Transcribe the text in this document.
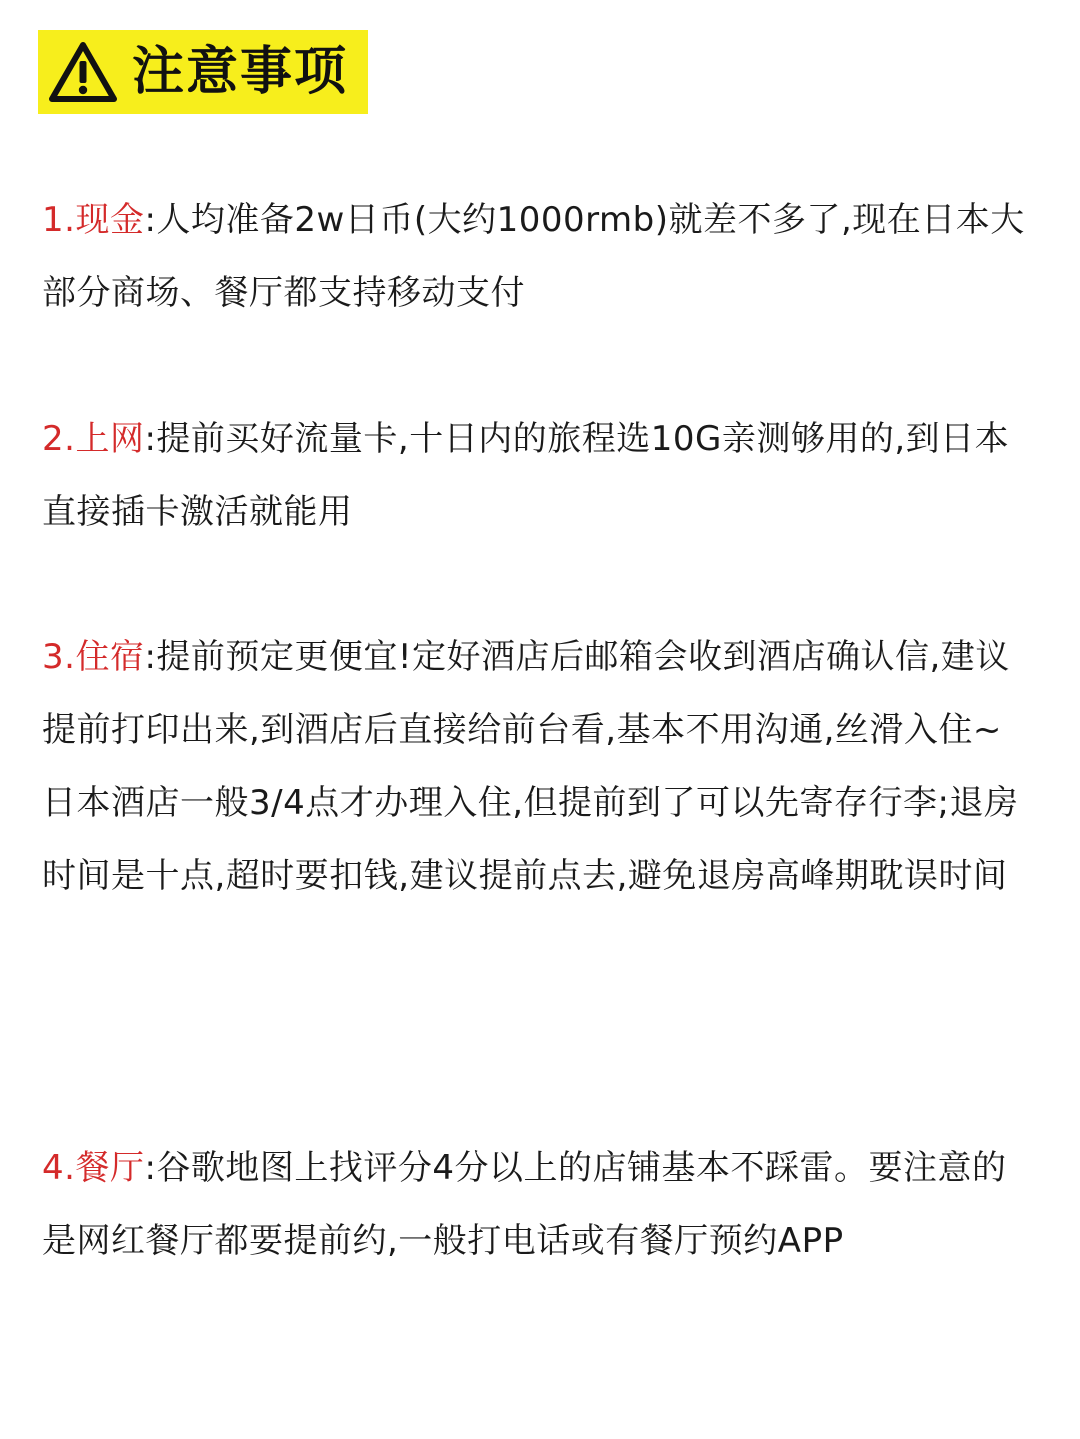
注意事项

1.现金:人均准备2w日币(大约1000rmb)就差不多了,现在日本大部分商场、餐厅都支持移动支付

2.上网:提前买好流量卡,十日内的旅程选10G亲测够用的,到日本直接插卡激活就能用

3.住宿:提前预定更便宜!定好酒店后邮箱会收到酒店确认信,建议提前打印出来,到酒店后直接给前台看,基本不用沟通,丝滑入住~

日本酒店一般3/4点才办理入住,但提前到了可以先寄存行李;退房时间是十点,超时要扣钱,建议提前点去,避免退房高峰期耽误时间

4.餐厅:谷歌地图上找评分4分以上的店铺基本不踩雷。要注意的是网红餐厅都要提前约,一般打电话或有餐厅预约APP
